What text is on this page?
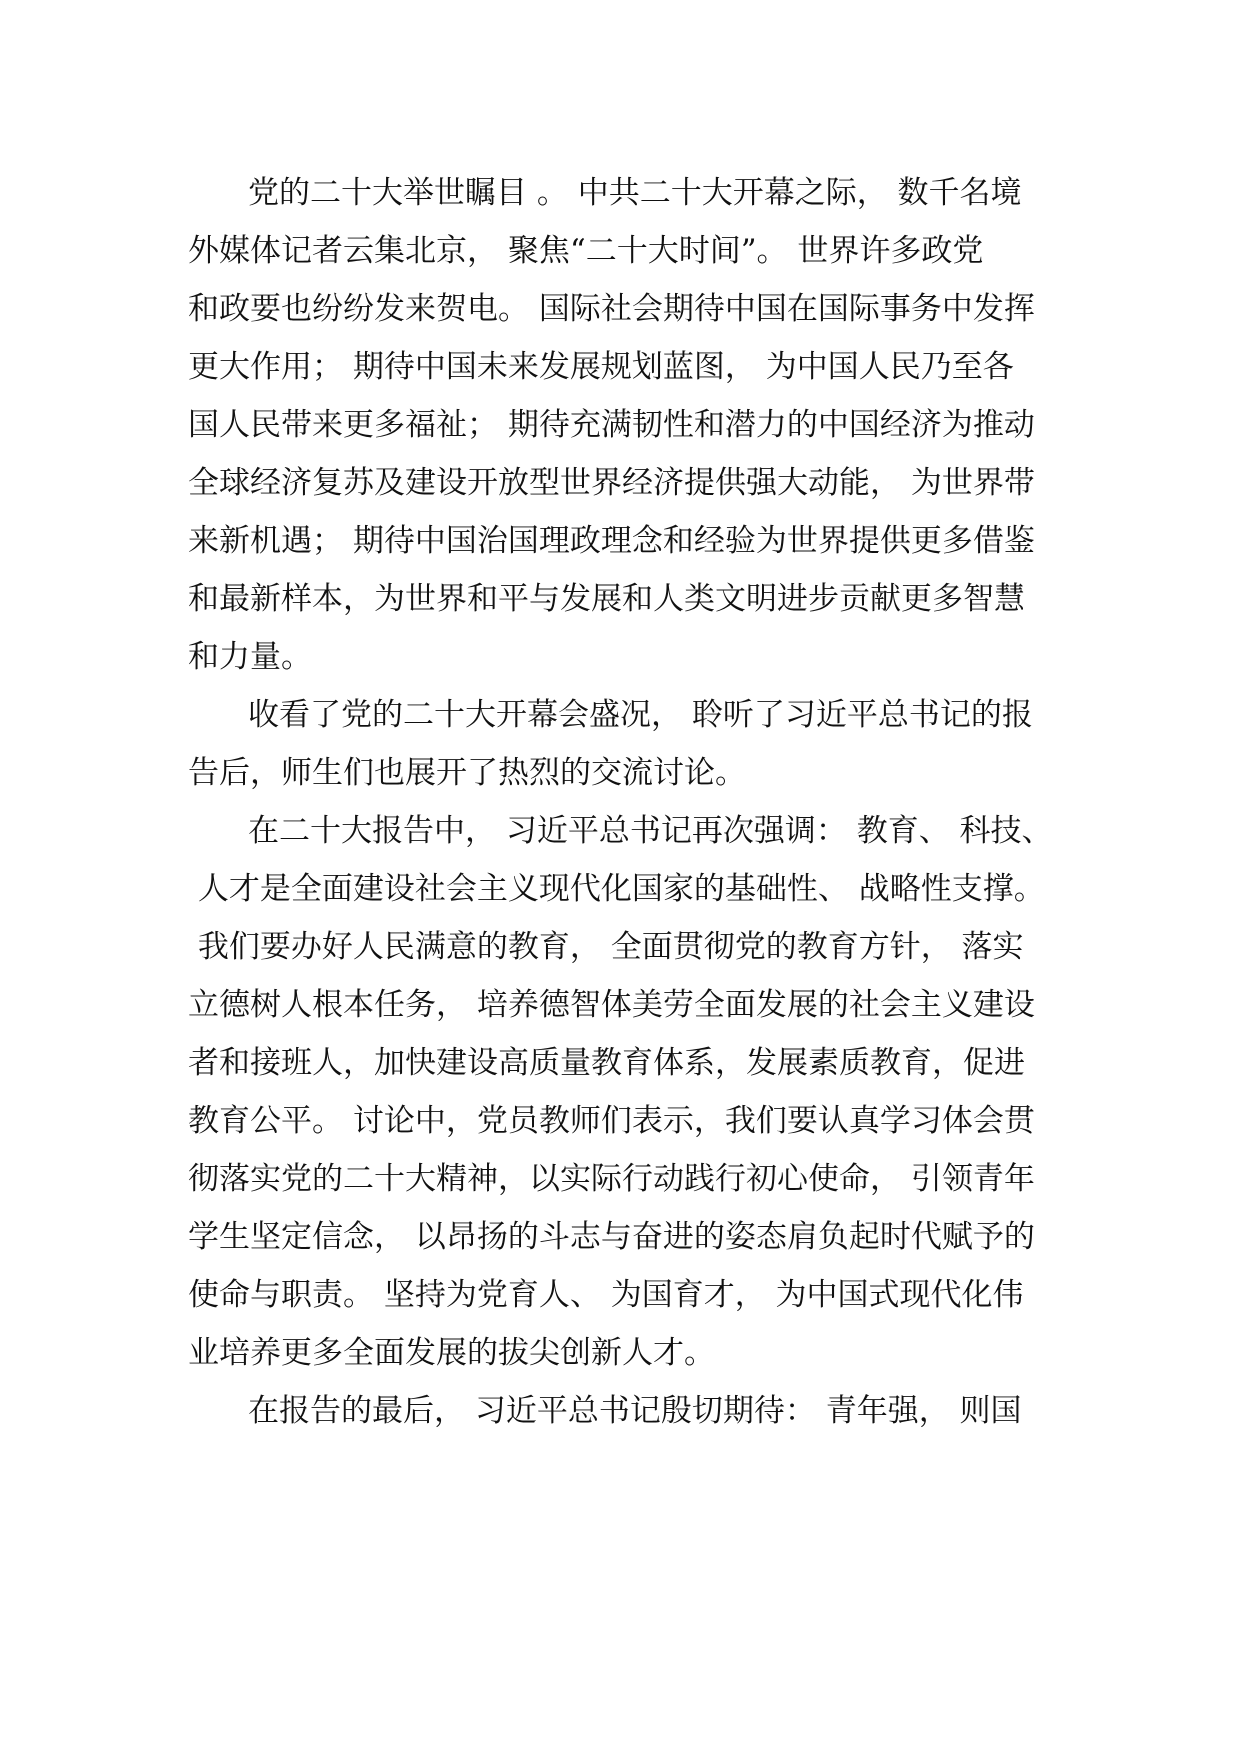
党的二十大举世瞩目 。 中共二十大开幕之际， 数千名境
外媒体记者云集北京， 聚焦“二十大时间”。 世界许多政党
和政要也纷纷发来贺电。 国际社会期待中国在国际事务中发挥
更大作用； 期待中国未来发展规划蓝图， 为中国人民乃至各
国人民带来更多福祉； 期待充满韧性和潜力的中国经济为推动
全球经济复苏及建设开放型世界经济提供强大动能， 为世界带
来新机遇； 期待中国治国理政理念和经验为世界提供更多借鉴
和最新样本，为世界和平与发展和人类文明进步贡献更多智慧
和力量。
收看了党的二十大开幕会盛况， 聆听了习近平总书记的报
告后，师生们也展开了热烈的交流讨论。
在二十大报告中， 习近平总书记再次强调： 教育、 科技、
人才是全面建设社会主义现代化国家的基础性、 战略性支撑。
我们要办好人民满意的教育， 全面贯彻党的教育方针， 落实
立德树人根本任务， 培养德智体美劳全面发展的社会主义建设
者和接班人，加快建设高质量教育体系，发展素质教育，促进
教育公平。 讨论中，党员教师们表示，我们要认真学习体会贯
彻落实党的二十大精神，以实际行动践行初心使命， 引领青年
学生坚定信念， 以昂扬的斗志与奋进的姿态肩负起时代赋予的
使命与职责。 坚持为党育人、 为国育才， 为中国式现代化伟
业培养更多全面发展的拔尖创新人才。
在报告的最后， 习近平总书记殷切期待： 青年强， 则国
